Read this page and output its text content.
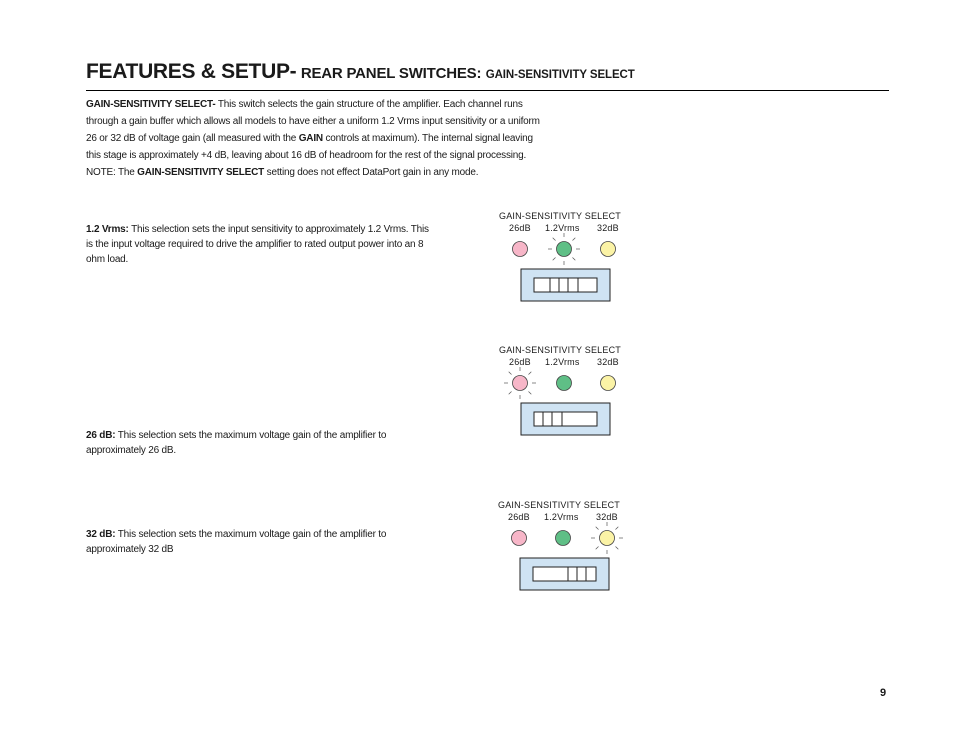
FEATURES & SETUP- REAR PANEL SWITCHES: GAIN-SENSITIVITY SELECT
GAIN-SENSITIVITY SELECT- This switch selects the gain structure of the amplifier. Each channel runs through a gain buffer which allows all models to have either a uniform 1.2 Vrms input sensitivity or a uniform 26 or 32 dB of voltage gain (all measured with the GAIN controls at maximum). The internal signal leaving this stage is approximately +4 dB, leaving about 16 dB of headroom for the rest of the signal processing. NOTE: The GAIN-SENSITIVITY SELECT setting does not effect DataPort gain in any mode.
1.2 Vrms: This selection sets the input sensitivity to approximately 1.2 Vrms. This is the input voltage required to drive the amplifier to rated output power into an 8 ohm load.
26 dB: This selection sets the maximum voltage gain of the amplifier to approximately 26 dB.
32 dB: This selection sets the maximum voltage gain of the amplifier to approximately 32 dB
GAIN-SENSITIVITY SELECT
26dB 1.2Vrms 32dB
GAIN-SENSITIVITY SELECT
26dB 1.2Vrms 32dB
GAIN-SENSITIVITY SELECT
26dB 1.2Vrms 32dB
9
